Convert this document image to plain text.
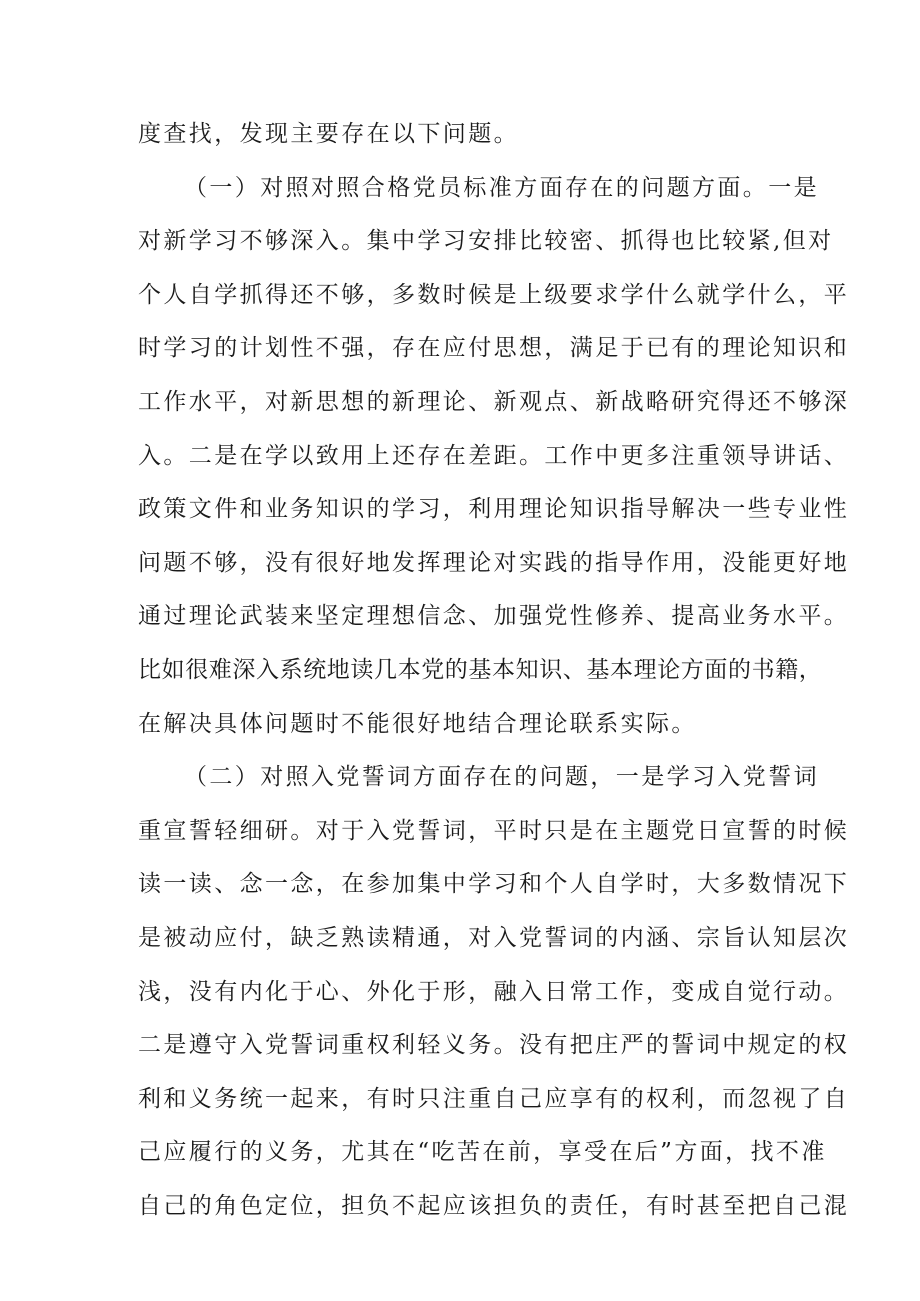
度查找，发现主要存在以下问题。

（一）对照对照合格党员标准方面存在的问题方面。一是
对新学习不够深入。集中学习安排比较密、抓得也比较紧,但对
个人自学抓得还不够，多数时候是上级要求学什么就学什么，平
时学习的计划性不强，存在应付思想，满足于已有的理论知识和
工作水平，对新思想的新理论、新观点、新战略研究得还不够深
入。二是在学以致用上还存在差距。工作中更多注重领导讲话、
政策文件和业务知识的学习，利用理论知识指导解决一些专业性
问题不够，没有很好地发挥理论对实践的指导作用，没能更好地
通过理论武装来坚定理想信念、加强党性修养、提高业务水平。
比如很难深入系统地读几本党的基本知识、基本理论方面的书籍，
在解决具体问题时不能很好地结合理论联系实际。

（二）对照入党誓词方面存在的问题，一是学习入党誓词
重宣誓轻细研。对于入党誓词，平时只是在主题党日宣誓的时候
读一读、念一念，在参加集中学习和个人自学时，大多数情况下
是被动应付，缺乏熟读精通，对入党誓词的内涵、宗旨认知层次
浅，没有内化于心、外化于形，融入日常工作，变成自觉行动。
二是遵守入党誓词重权利轻义务。没有把庄严的誓词中规定的权
利和义务统一起来，有时只注重自己应享有的权利，而忽视了自
己应履行的义务，尤其在“吃苦在前，享受在后”方面，找不准
自己的角色定位，担负不起应该担负的责任，有时甚至把自己混
